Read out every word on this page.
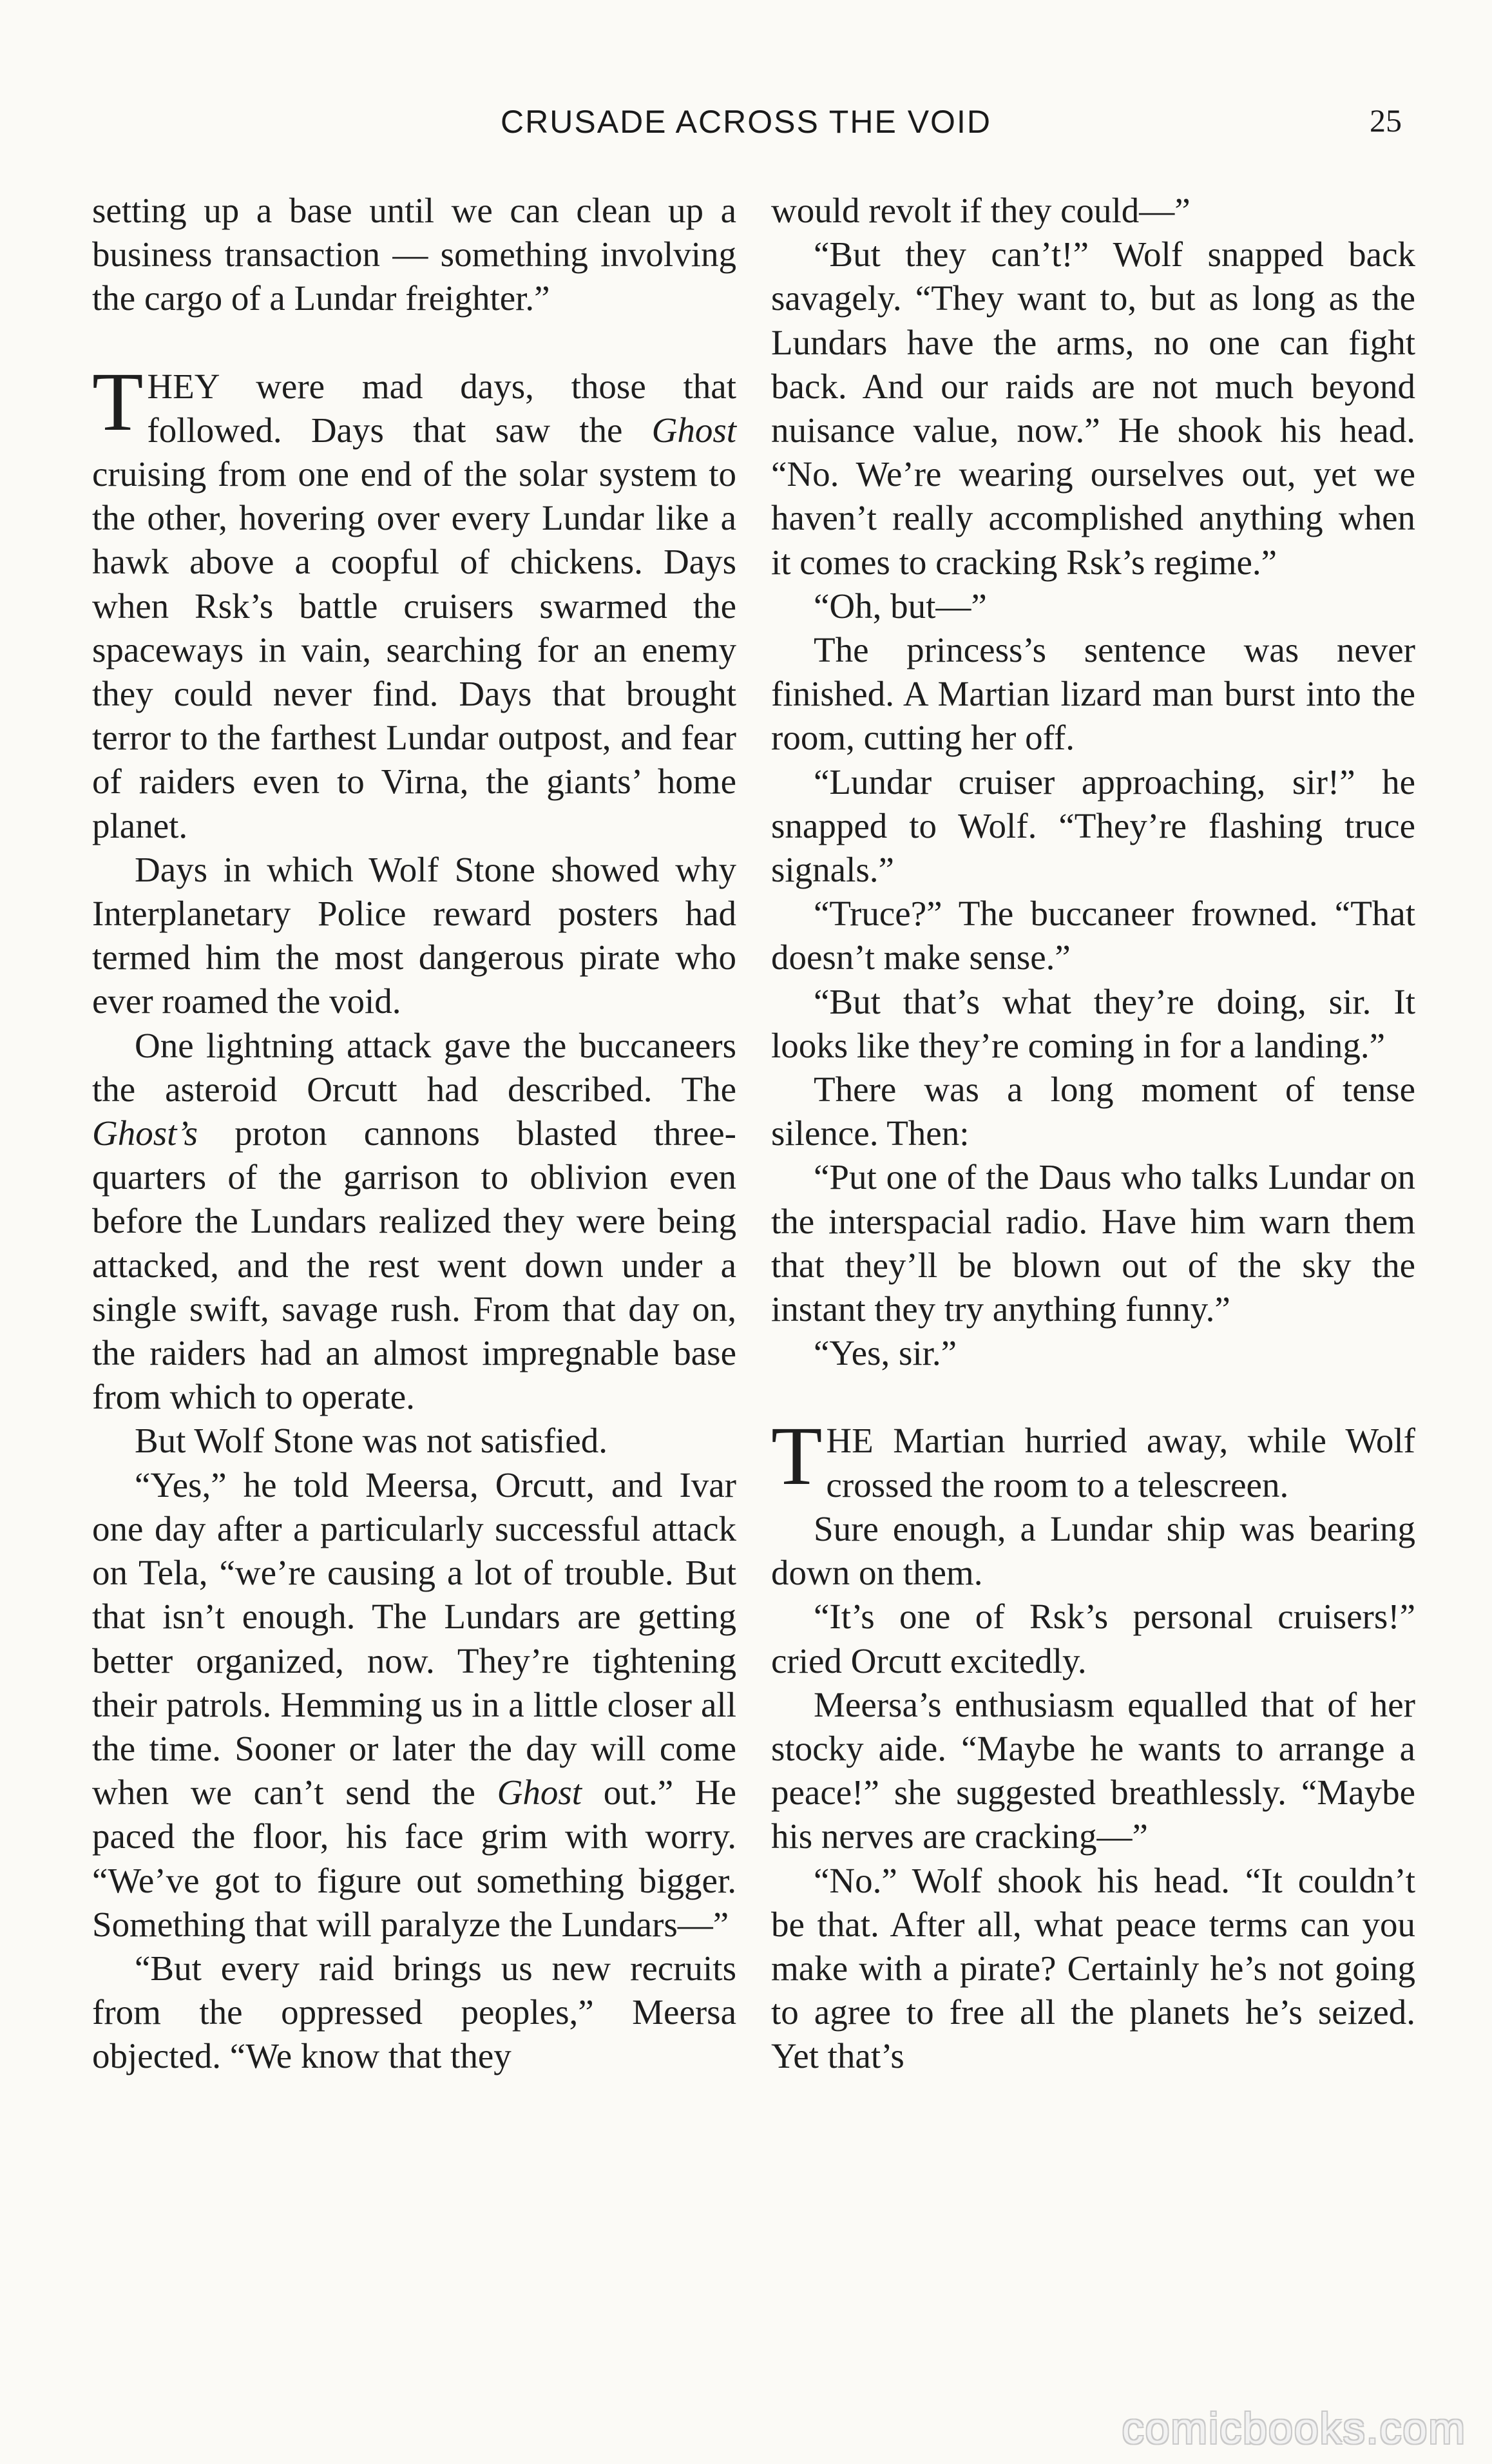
CRUSADE ACROSS THE VOID	25

setting up a base until we can clean up a business transaction — something involving the cargo of a Lundar freighter.”

THEY were mad days, those that followed. Days that saw the Ghost cruising from one end of the solar system to the other, hovering over every Lundar like a hawk above a coopful of chickens. Days when Rsk’s battle cruisers swarmed the spaceways in vain, searching for an enemy they could never find. Days that brought terror to the farthest Lundar outpost, and fear of raiders even to Virna, the giants’ home planet.

Days in which Wolf Stone showed why Interplanetary Police reward posters had termed him the most dangerous pirate who ever roamed the void.

One lightning attack gave the buccaneers the asteroid Orcutt had described. The Ghost’s proton cannons blasted three-quarters of the garrison to oblivion even before the Lundars realized they were being attacked, and the rest went down under a single swift, savage rush. From that day on, the raiders had an almost impregnable base from which to operate.

But Wolf Stone was not satisfied.

“Yes,” he told Meersa, Orcutt, and Ivar one day after a particularly successful attack on Tela, “we’re causing a lot of trouble. But that isn’t enough. The Lundars are getting better organized, now. They’re tightening their patrols. Hemming us in a little closer all the time. Sooner or later the day will come when we can’t send the Ghost out.” He paced the floor, his face grim with worry. “We’ve got to figure out something bigger. Something that will paralyze the Lundars—”

“But every raid brings us new recruits from the oppressed peoples,” Meersa objected. “We know that they

would revolt if they could—”

“But they can’t!” Wolf snapped back savagely. “They want to, but as long as the Lundars have the arms, no one can fight back. And our raids are not much beyond nuisance value, now.” He shook his head. “No. We’re wearing ourselves out, yet we haven’t really accomplished anything when it comes to cracking Rsk’s regime.”

“Oh, but—”

The princess’s sentence was never finished. A Martian lizard man burst into the room, cutting her off.

“Lundar cruiser approaching, sir!” he snapped to Wolf. “They’re flashing truce signals.”

“Truce?” The buccaneer frowned. “That doesn’t make sense.”

“But that’s what they’re doing, sir. It looks like they’re coming in for a landing.”

There was a long moment of tense silence. Then:

“Put one of the Daus who talks Lundar on the interspacial radio. Have him warn them that they’ll be blown out of the sky the instant they try anything funny.”

“Yes, sir.”

THE Martian hurried away, while Wolf crossed the room to a telescreen.

Sure enough, a Lundar ship was bearing down on them.

“It’s one of Rsk’s personal cruisers!” cried Orcutt excitedly.

Meersa’s enthusiasm equalled that of her stocky aide. “Maybe he wants to arrange a peace!” she suggested breathlessly. “Maybe his nerves are cracking—”

“No.” Wolf shook his head. “It couldn’t be that. After all, what peace terms can you make with a pirate? Certainly he’s not going to agree to free all the planets he’s seized. Yet that’s

comicbooks.com
